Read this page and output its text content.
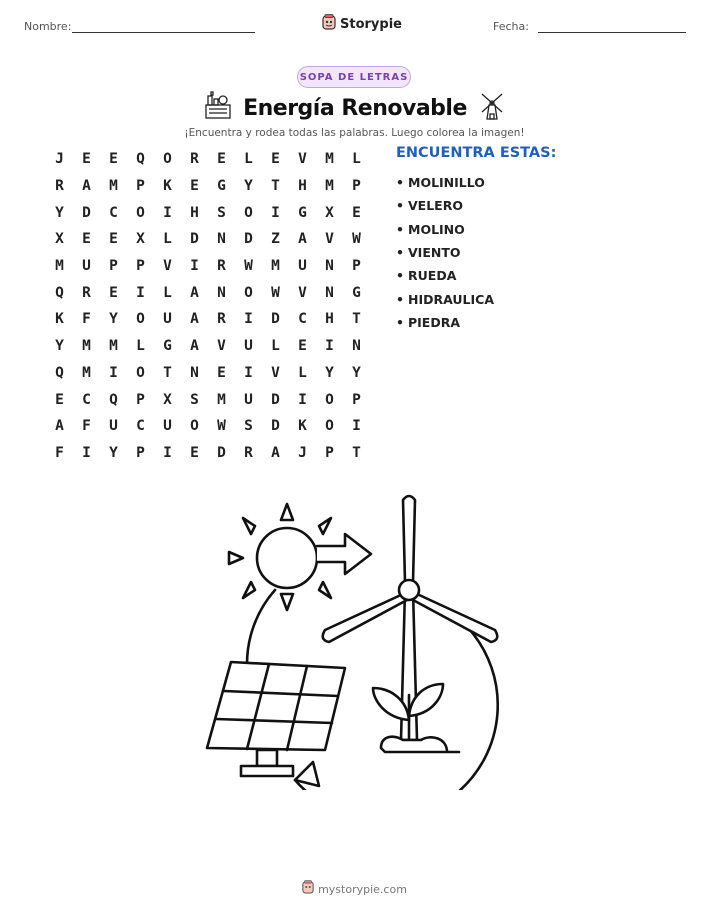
Nombre:	Storypie	Fecha:
SOPA DE LETRAS
Energía Renovable
¡Encuentra y rodea todas las palabras. Luego colorea la imagen!
J	E	E	Q	O	R	E	L	E	V	M	L
R	A	M	P	K	E	G	Y	T	H	M	P
Y	D	C	O	I	H	S	O	I	G	X	E
X	E	E	X	L	D	N	D	Z	A	V	W
M	U	P	P	V	I	R	W	M	U	N	P
Q	R	E	I	L	A	N	O	W	V	N	G
K	F	Y	O	U	A	R	I	D	C	H	T
Y	M	M	L	G	A	V	U	L	E	I	N
Q	M	I	O	T	N	E	I	V	L	Y	Y
E	C	Q	P	X	S	M	U	D	I	O	P
A	F	U	C	U	O	W	S	D	K	O	I
F	I	Y	P	I	E	D	R	A	J	P	T
ENCUENTRA ESTAS:
• MOLINILLO
• VELERO
• MOLINO
• VIENTO
• RUEDA
• HIDRAULICA
• PIEDRA
mystorypie.com
